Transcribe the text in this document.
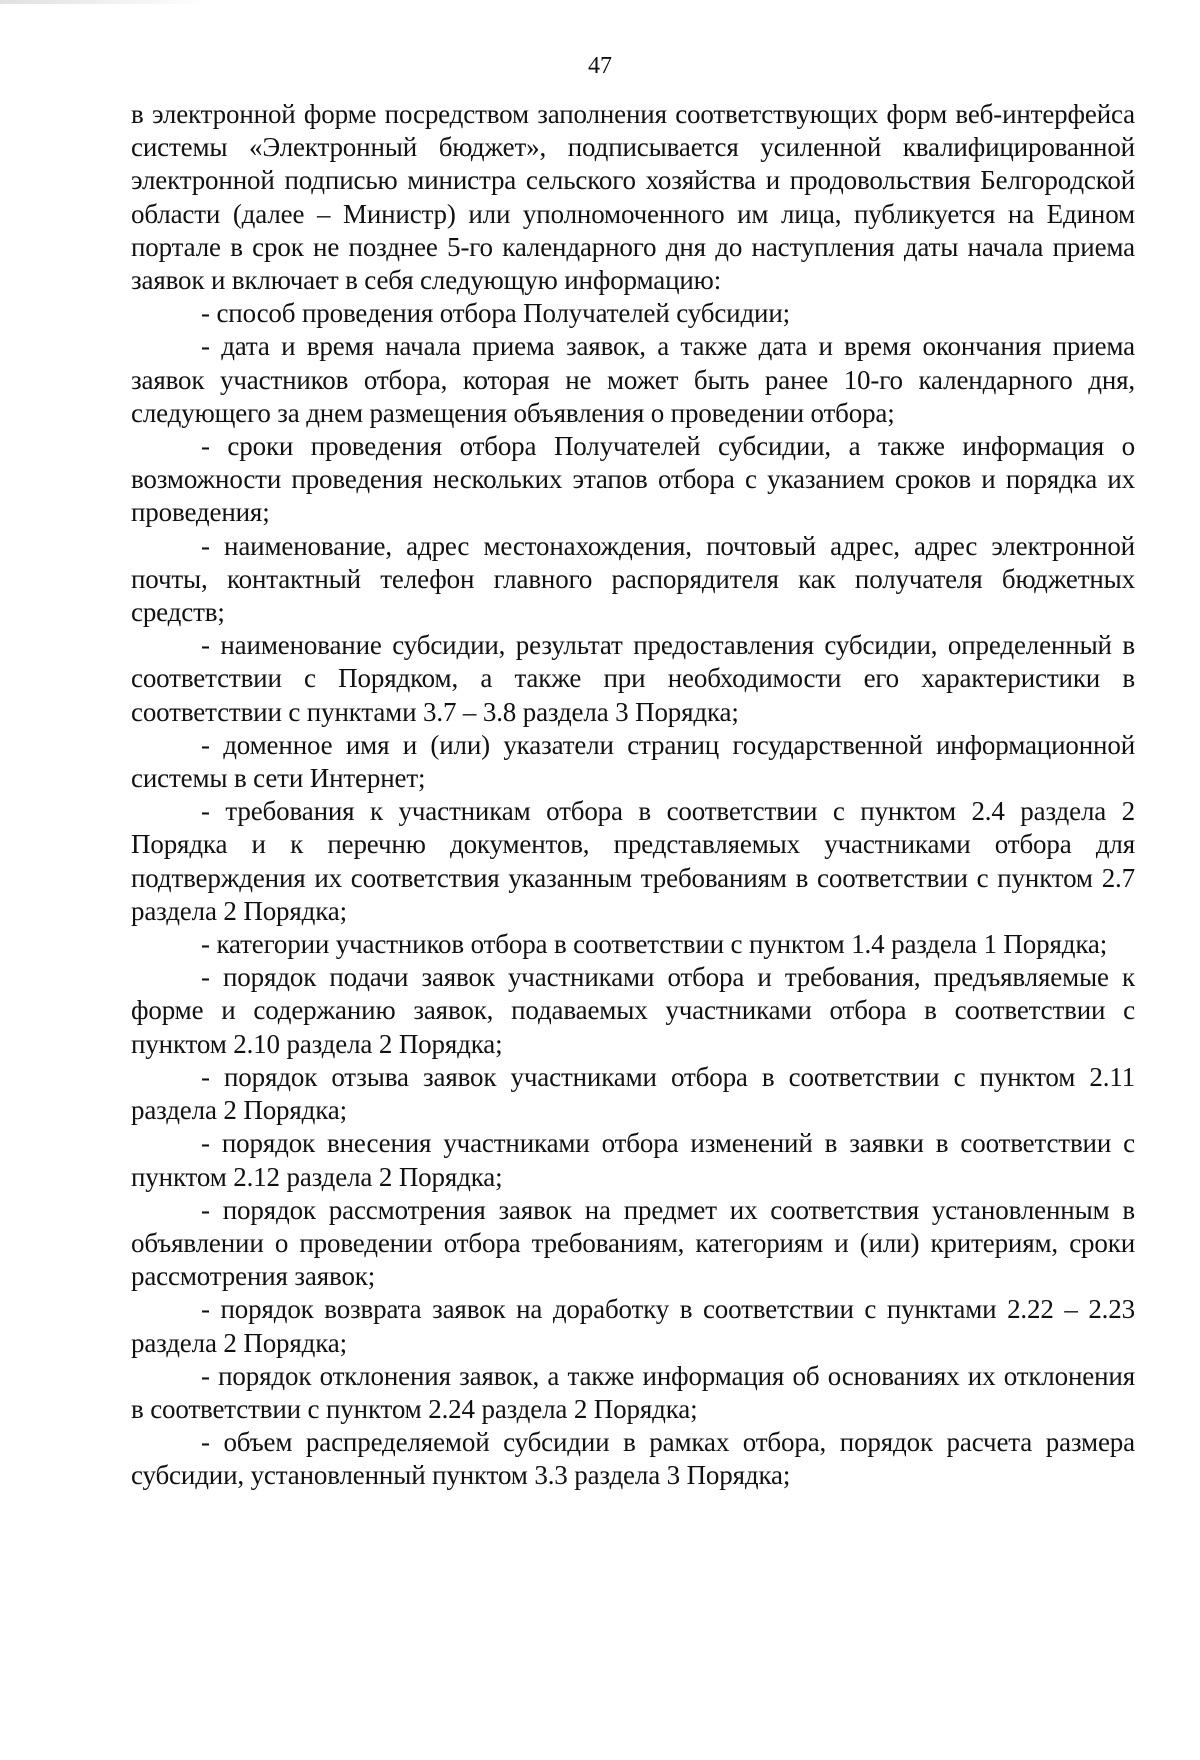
47

в электронной форме посредством заполнения соответствующих форм веб-интерфейса системы «Электронный бюджет», подписывается усиленной квалифицированной электронной подписью министра сельского хозяйства и продовольствия Белгородской области (далее – Министр) или уполномоченного им лица, публикуется на Едином портале в срок не позднее 5-го календарного дня до наступления даты начала приема заявок и включает в себя следующую информацию:

- способ проведения отбора Получателей субсидии;

- дата и время начала приема заявок, а также дата и время окончания приема заявок участников отбора, которая не может быть ранее 10-го календарного дня, следующего за днем размещения объявления о проведении отбора;

- сроки проведения отбора Получателей субсидии, а также информация о возможности проведения нескольких этапов отбора с указанием сроков и порядка их проведения;

- наименование, адрес местонахождения, почтовый адрес, адрес электронной почты, контактный телефон главного распорядителя как получателя бюджетных средств;

- наименование субсидии, результат предоставления субсидии, определенный в соответствии с Порядком, а также при необходимости его характеристики в соответствии с пунктами 3.7 – 3.8 раздела 3 Порядка;

- доменное имя и (или) указатели страниц государственной информационной системы в сети Интернет;

- требования к участникам отбора в соответствии с пунктом 2.4 раздела 2 Порядка и к перечню документов, представляемых участниками отбора для подтверждения их соответствия указанным требованиям в соответствии с пунктом 2.7 раздела 2 Порядка;

- категории участников отбора в соответствии с пунктом 1.4 раздела 1 Порядка;

- порядок подачи заявок участниками отбора и требования, предъявляемые к форме и содержанию заявок, подаваемых участниками отбора в соответствии с пунктом 2.10 раздела 2 Порядка;

- порядок отзыва заявок участниками отбора в соответствии с пунктом 2.11 раздела 2 Порядка;

- порядок внесения участниками отбора изменений в заявки в соответствии с пунктом 2.12 раздела 2 Порядка;

- порядок рассмотрения заявок на предмет их соответствия установленным в объявлении о проведении отбора требованиям, категориям и (или) критериям, сроки рассмотрения заявок;

- порядок возврата заявок на доработку в соответствии с пунктами 2.22 – 2.23 раздела 2 Порядка;

- порядок отклонения заявок, а также информация об основаниях их отклонения в соответствии с пунктом 2.24 раздела 2 Порядка;

- объем распределяемой субсидии в рамках отбора, порядок расчета размера субсидии, установленный пунктом 3.3 раздела 3 Порядка;
